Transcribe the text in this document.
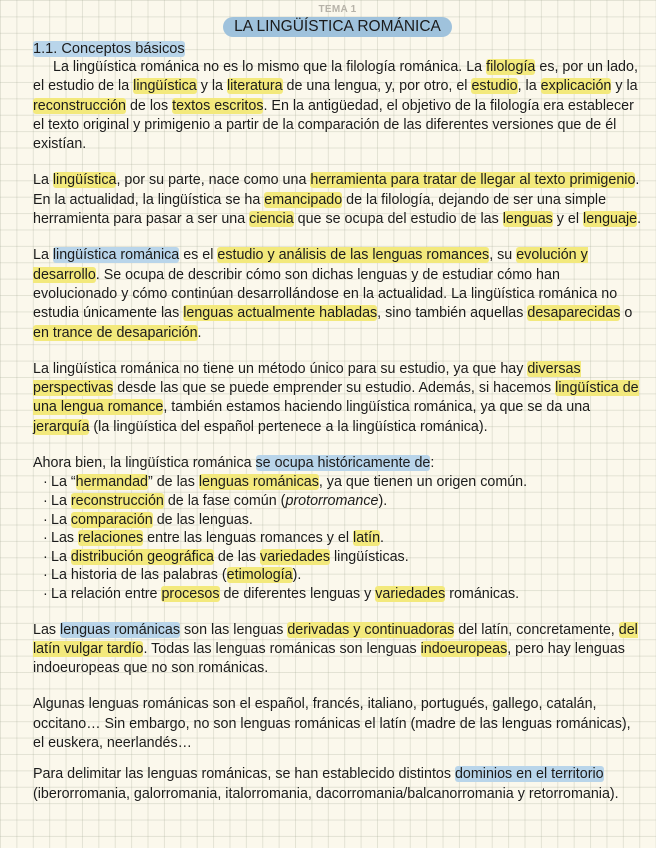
TEMA 1
LA LINGÜÍSTICA ROMÁNICA
1.1. Conceptos básicos

La lingüística románica no es lo mismo que la filología románica. La filología es, por un lado, el estudio de la lingüística y la literatura de una lengua, y, por otro, el estudio, la explicación y la reconstrucción de los textos escritos. En la antigüedad, el objetivo de la filología era establecer el texto original y primigenio a partir de la comparación de las diferentes versiones que de él existían.

La lingüística, por su parte, nace como una herramienta para tratar de llegar al texto primigenio. En la actualidad, la lingüística se ha emancipado de la filología, dejando de ser una simple herramienta para pasar a ser una ciencia que se ocupa del estudio de las lenguas y el lenguaje.

La lingüística románica es el estudio y análisis de las lenguas romances, su evolución y desarrollo. Se ocupa de describir cómo son dichas lenguas y de estudiar cómo han evolucionado y cómo continúan desarrollándose en la actualidad. La lingüística románica no estudia únicamente las lenguas actualmente habladas, sino también aquellas desaparecidas o en trance de desaparición.

La lingüística románica no tiene un método único para su estudio, ya que hay diversas perspectivas desde las que se puede emprender su estudio. Además, si hacemos lingüística de una lengua romance, también estamos haciendo lingüística románica, ya que se da una jerarquía (la lingüística del español pertenece a la lingüística románica).

Ahora bien, la lingüística románica se ocupa históricamente de:

· La “hermandad” de las lenguas románicas, ya que tienen un origen común.
· La reconstrucción de la fase común (protorromance).
· La comparación de las lenguas.
· Las relaciones entre las lenguas romances y el latín.
· La distribución geográfica de las variedades lingüísticas.
· La historia de las palabras (etimología).
· La relación entre procesos de diferentes lenguas y variedades románicas.

Las lenguas románicas son las lenguas derivadas y continuadoras del latín, concretamente, del latín vulgar tardío. Todas las lenguas románicas son lenguas indoeuropeas, pero hay lenguas indoeuropeas que no son románicas.

Algunas lenguas románicas son el español, francés, italiano, portugués, gallego, catalán, occitano… Sin embargo, no son lenguas románicas el latín (madre de las lenguas románicas), el euskera, neerlandés…

Para delimitar las lenguas románicas, se han establecido distintos dominios en el territorio (iberorromania, galorromania, italorromania, dacorromania/balcanorromania y retorromania).
